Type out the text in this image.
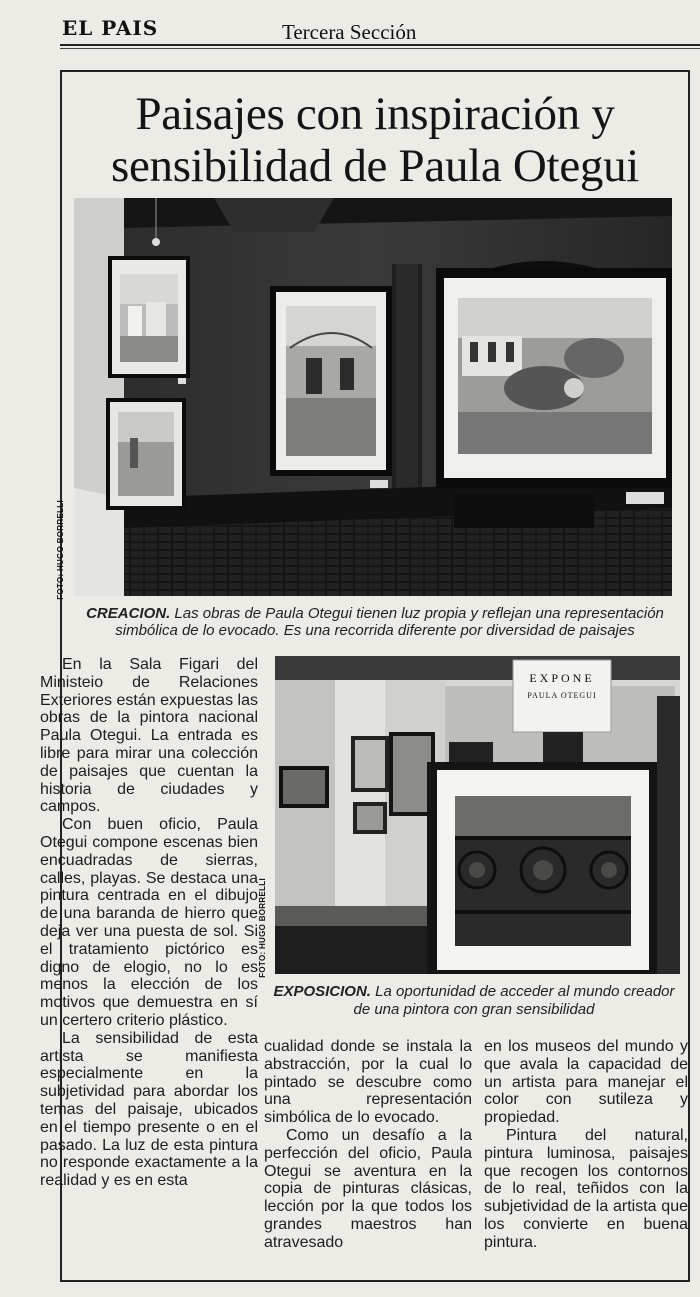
EL PAIS	Tercera Sección
Paisajes con inspiración y
sensibilidad de Paula Otegui
FOTO: HUGO BORRELLI
CREACION. Las obras de Paula Otegui tienen luz propia y reflejan una representación simbólica de lo evocado. Es una recorrida diferente por diversidad de paisajes
EXPONE
PAULA OTEGUI
FOTO: HUGO BORRELLI
EXPOSICION. La oportunidad de acceder al mundo creador de una pintora con gran sensibilidad

En la Sala Figari del Ministeio de Relaciones Exteriores están expuestas las obras de la pintora nacional Paula Otegui. La entrada es libre para mirar una colección de paisajes que cuentan la historia de ciudades y campos.

Con buen oficio, Paula Otegui compone escenas bien encuadradas de sierras, calles, playas. Se destaca una pintura centrada en el dibujo de una baranda de hierro que deja ver una puesta de sol. Si el tratamiento pictórico es digno de elogio, no lo es menos la elección de los motivos que demuestra en sí un certero criterio plástico.

La sensibilidad de esta artista se manifiesta especialmente en la subjetividad para abordar los temas del paisaje, ubicados en el tiempo presente o en el pasado. La luz de esta pintura no responde exactamente a la realidad y es en esta

cualidad donde se instala la abstracción, por la cual lo pintado se descubre como una representación simbólica de lo evocado.

Como un desafío a la perfección del oficio, Paula Otegui se aventura en la copia de pinturas clásicas, lección por la que todos los grandes maestros han atravesado

en los museos del mundo y que avala la capacidad de un artista para manejar el color con sutileza y propiedad.

Pintura del natural, pintura luminosa, paisajes que recogen los contornos de lo real, teñidos con la subjetividad de la artista que los convierte en buena pintura.
